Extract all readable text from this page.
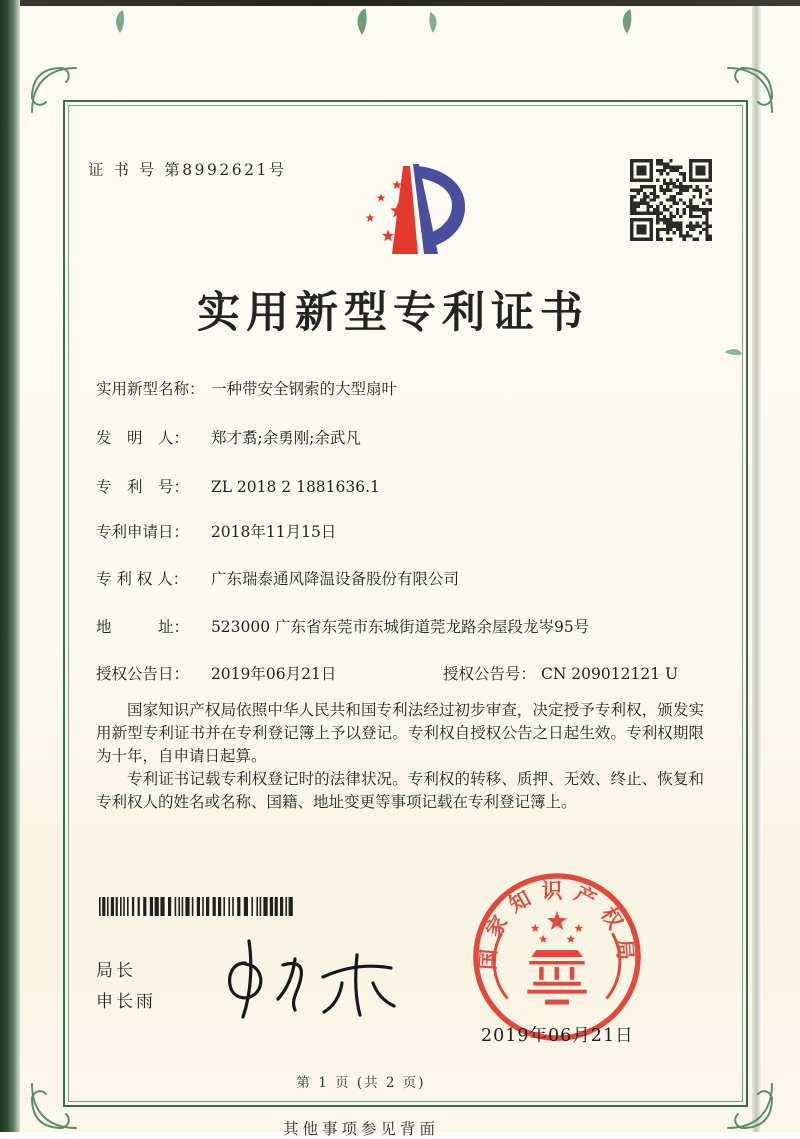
证 书 号 第8992621号
实用新型专利证书
实用新型名称： 一种带安全钢索的大型扇叶
发　明　人： 郑才翥;余勇刚;余武凡
专　利　号： ZL 2018 2 1881636.1
专利申请日： 2018年11月15日
专 利 权 人： 广东瑞泰通风降温设备股份有限公司
地　　　址： 523000 广东省东莞市东城街道莞龙路余屋段龙岑95号
授权公告日： 2019年06月21日	授权公告号： CN 209012121 U

国家知识产权局依照中华人民共和国专利法经过初步审查，决定授予专利权，颁发实用新型专利证书并在专利登记簿上予以登记。专利权自授权公告之日起生效。专利权期限为十年，自申请日起算。

专利证书记载专利权登记时的法律状况。专利权的转移、质押、无效、终止、恢复和专利权人的姓名或名称、国籍、地址变更等事项记载在专利登记簿上。

局长
申长雨
国家知识产权局
2019年06月21日
第 1 页 (共 2 页)
其他事项参见背面
